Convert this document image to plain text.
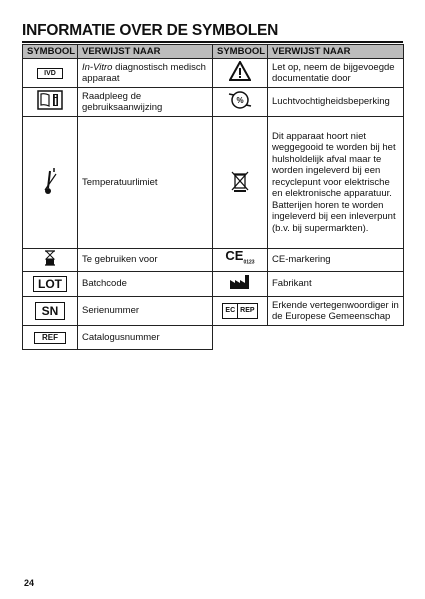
INFORMATIE OVER DE SYMBOLEN
SYMBOOL	VERWIJST NAAR	SYMBOOL	VERWIJST NAAR
IVD	In-Vitro diagnostisch medisch apparaat		Let op, neem de bijgevoegde documentatie door
	Raadpleeg de gebruiksaanwijzing	%	Luchtvochtigheidsbeperking
	Temperatuurlimiet		Dit apparaat hoort niet weggegooid te worden bij het hulsholdelijk afval maar te worden ingeleverd bij een recyclepunt voor elektrische en elektronische apparatuur. Batterijen horen te worden ingeleverd bij een inleverpunt (b.v. bij supermarkten).
	Te gebruiken voor	$CE_{0123}$	CE-markering
LOT	Batchcode		Fabrikant
SN	Serienummer	EC REP	Erkende vertegenwoordiger in de Europese Gemeenschap
REF	Catalogusnummer		
24
